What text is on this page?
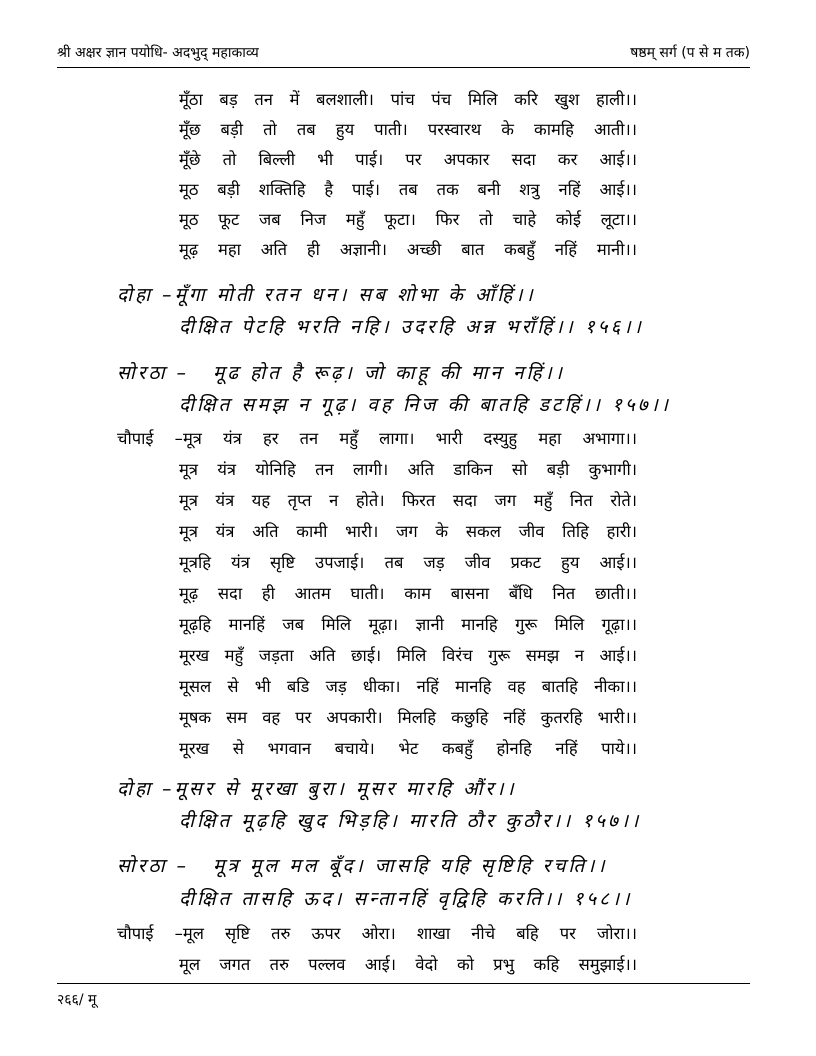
श्री अक्षर ज्ञान पयोधि- अदभुद् महाकाव्य	षष्ठम् सर्ग (प से म तक)
मूँठा बड़ तन में बलशाली। पांच पंच मिलि करि खुश हाली।।
मूँछ बड़ी तो तब हुय पाती। परस्वारथ के कामहि आती।।
मूँछे तो बिल्ली भी पाई। पर अपकार सदा कर आई।।
मूठ बड़ी शक्तिहि है पाई। तब तक बनी शत्रु नहिं आई।।
मूठ फूट जब निज महुँ फूटा। फिर तो चाहे कोई लूटा।।
मूढ़ महा अति ही अज्ञानी। अच्छी बात कबहुँ नहिं मानी।।
दोहा –मूँगा मोती रतन धन। सब शोभा के आँहिं।।
दीक्षित पेटहि भरति नहि। उदरहि अन्न भराँहिं।। १५६।।
सोरठा – मूढ होत है रूढ़। जो काहू की मान नहिं।।
दीक्षित समझ न गूढ़। वह निज की बातहि डटहिं।। १५७।।
चौपाई –मूत्र यंत्र हर तन महुँ लागा। भारी दस्युहु महा अभागा।।
मूत्र यंत्र योनिहि तन लागी। अति डाकिन सो बड़ी कुभागी।
मूत्र यंत्र यह तृप्त न होते। फिरत सदा जग महुँ नित रोते।
मूत्र यंत्र अति कामी भारी। जग के सकल जीव तिहि हारी।
मूत्रहि यंत्र सृष्टि उपजाई। तब जड़ जीव प्रकट हुय आई।।
मूढ़ सदा ही आतम घाती। काम बासना बँधि नित छाती।।
मूढ़हि मानहिं जब मिलि मूढ़ा। ज्ञानी मानहि गुरू मिलि गूढ़ा।।
मूरख महुँ जड़ता अति छाई। मिलि विरंच गुरू समझ न आई।।
मूसल से भी बडि जड़ धीका। नहिं मानहि वह बातहि नीका।।
मूषक सम वह पर अपकारी। मिलहि कछुहि नहिं कुतरहि भारी।।
मूरख से भगवान बचाये। भेट कबहुँ होनहि नहिं पाये।।
दोहा –मूसर से मूरखा बुरा। मूसर मारहि औंर।।
दीक्षित मूढ़हि खुद भिड़हि। मारति ठौर कुठौर।। १५७।।
सोरठा – मूत्र मूल मल बूँद। जासहि यहि सृष्टिहि रचति।।
दीक्षित तासहि ऊद। सन्तानहिं वृद्विहि करति।। १५८।।
चौपाई –मूल सृष्टि तरु ऊपर ओरा। शाखा नीचे बहि पर जोरा।।
मूल जगत तरु पल्लव आई। वेदो को प्रभु कहि समुझाई।।
२६६/ मू
